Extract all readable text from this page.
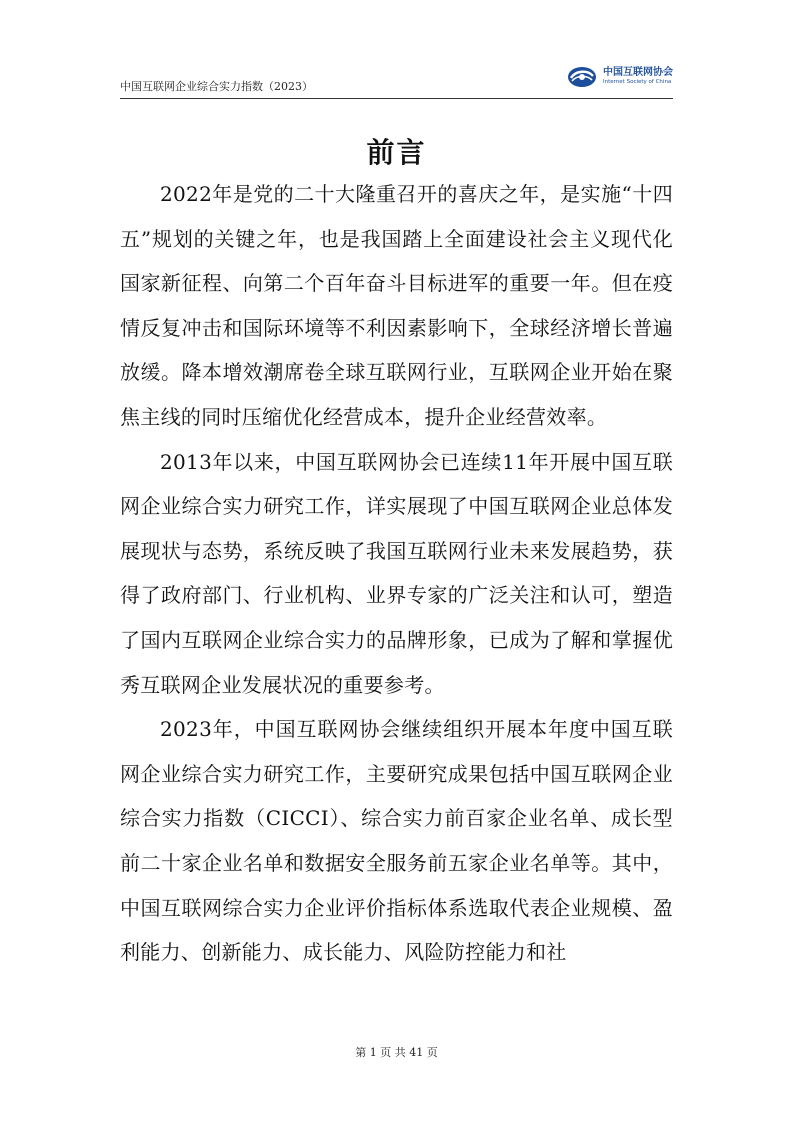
中国互联网企业综合实力指数（2023）
中国互联网协会
Internet Society of China
前言

2022年是党的二十大隆重召开的喜庆之年，是实施“十四五”规划的关键之年，也是我国踏上全面建设社会主义现代化国家新征程、向第二个百年奋斗目标进军的重要一年。但在疫情反复冲击和国际环境等不利因素影响下，全球经济增长普遍放缓。降本增效潮席卷全球互联网行业，互联网企业开始在聚焦主线的同时压缩优化经营成本，提升企业经营效率。

2013年以来，中国互联网协会已连续11年开展中国互联网企业综合实力研究工作，详实展现了中国互联网企业总体发展现状与态势，系统反映了我国互联网行业未来发展趋势，获得了政府部门、行业机构、业界专家的广泛关注和认可，塑造了国内互联网企业综合实力的品牌形象，已成为了解和掌握优秀互联网企业发展状况的重要参考。

2023年，中国互联网协会继续组织开展本年度中国互联网企业综合实力研究工作，主要研究成果包括中国互联网企业综合实力指数（CICCI）、综合实力前百家企业名单、成长型前二十家企业名单和数据安全服务前五家企业名单等。其中，中国互联网综合实力企业评价指标体系选取代表企业规模、盈利能力、创新能力、成长能力、风险防控能力和社

第 1 页 共 41 页
